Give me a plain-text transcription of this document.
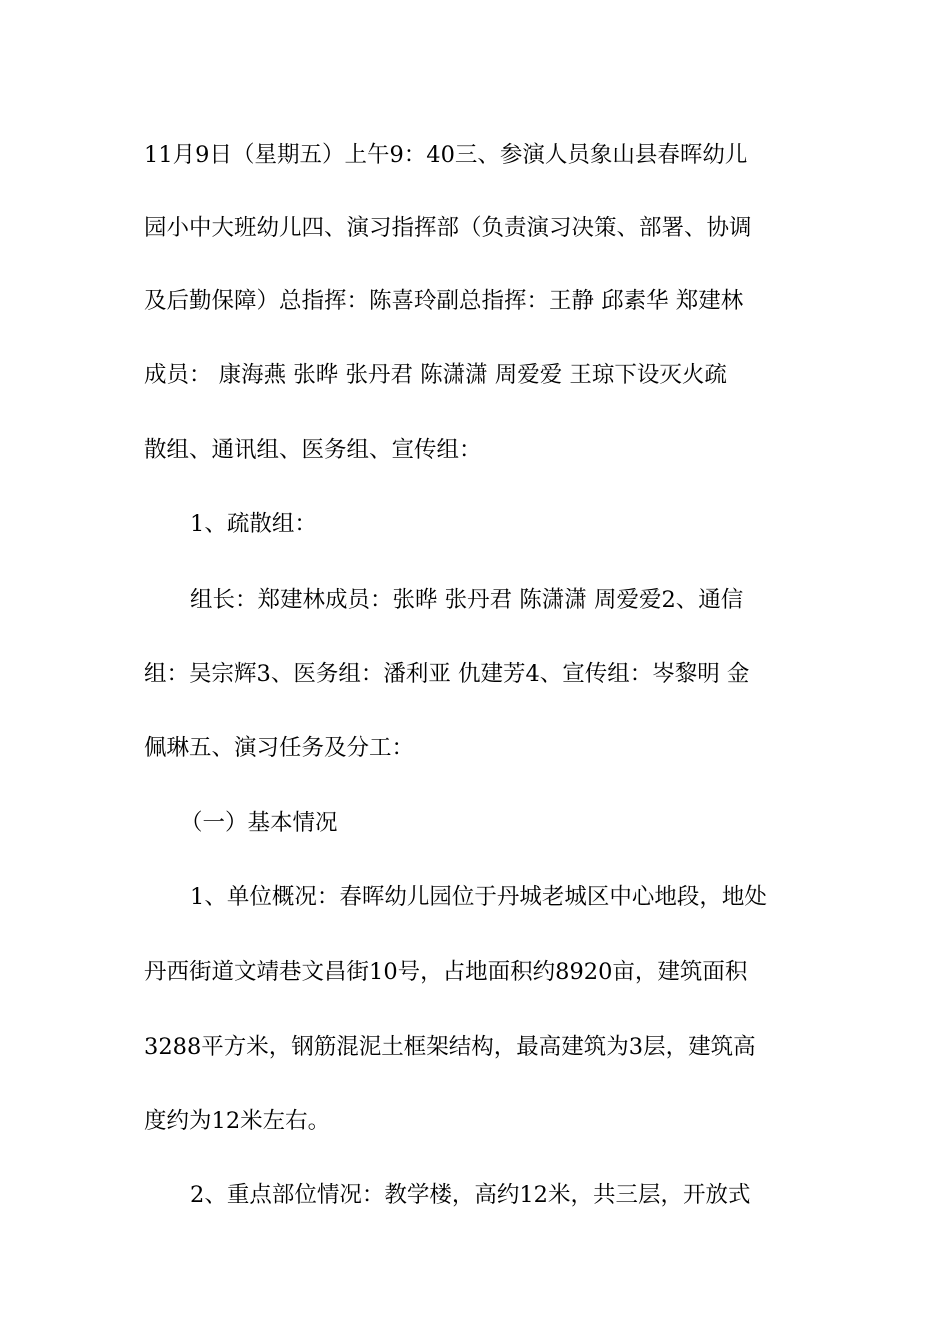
11月9日（星期五）上午9：40三、参演人员象山县春晖幼儿
园小中大班幼儿四、演习指挥部（负责演习决策、部署、协调
及后勤保障）总指挥：陈喜玲副总指挥：王静 邱素华 郑建林
成员： 康海燕 张晔 张丹君 陈潇潇 周爱爱 王琼下设灭火疏
散组、通讯组、医务组、宣传组：
1、疏散组：
组长：郑建林成员：张晔 张丹君 陈潇潇 周爱爱2、通信
组：吴宗辉3、医务组：潘利亚 仇建芳4、宣传组：岑黎明 金
佩琳五、演习任务及分工：
（一）基本情况
1、单位概况：春晖幼儿园位于丹城老城区中心地段，地处
丹西街道文靖巷文昌街10号，占地面积约8920亩，建筑面积
3288平方米，钢筋混泥土框架结构，最高建筑为3层，建筑高
度约为12米左右。
2、重点部位情况：教学楼，高约12米，共三层，开放式
